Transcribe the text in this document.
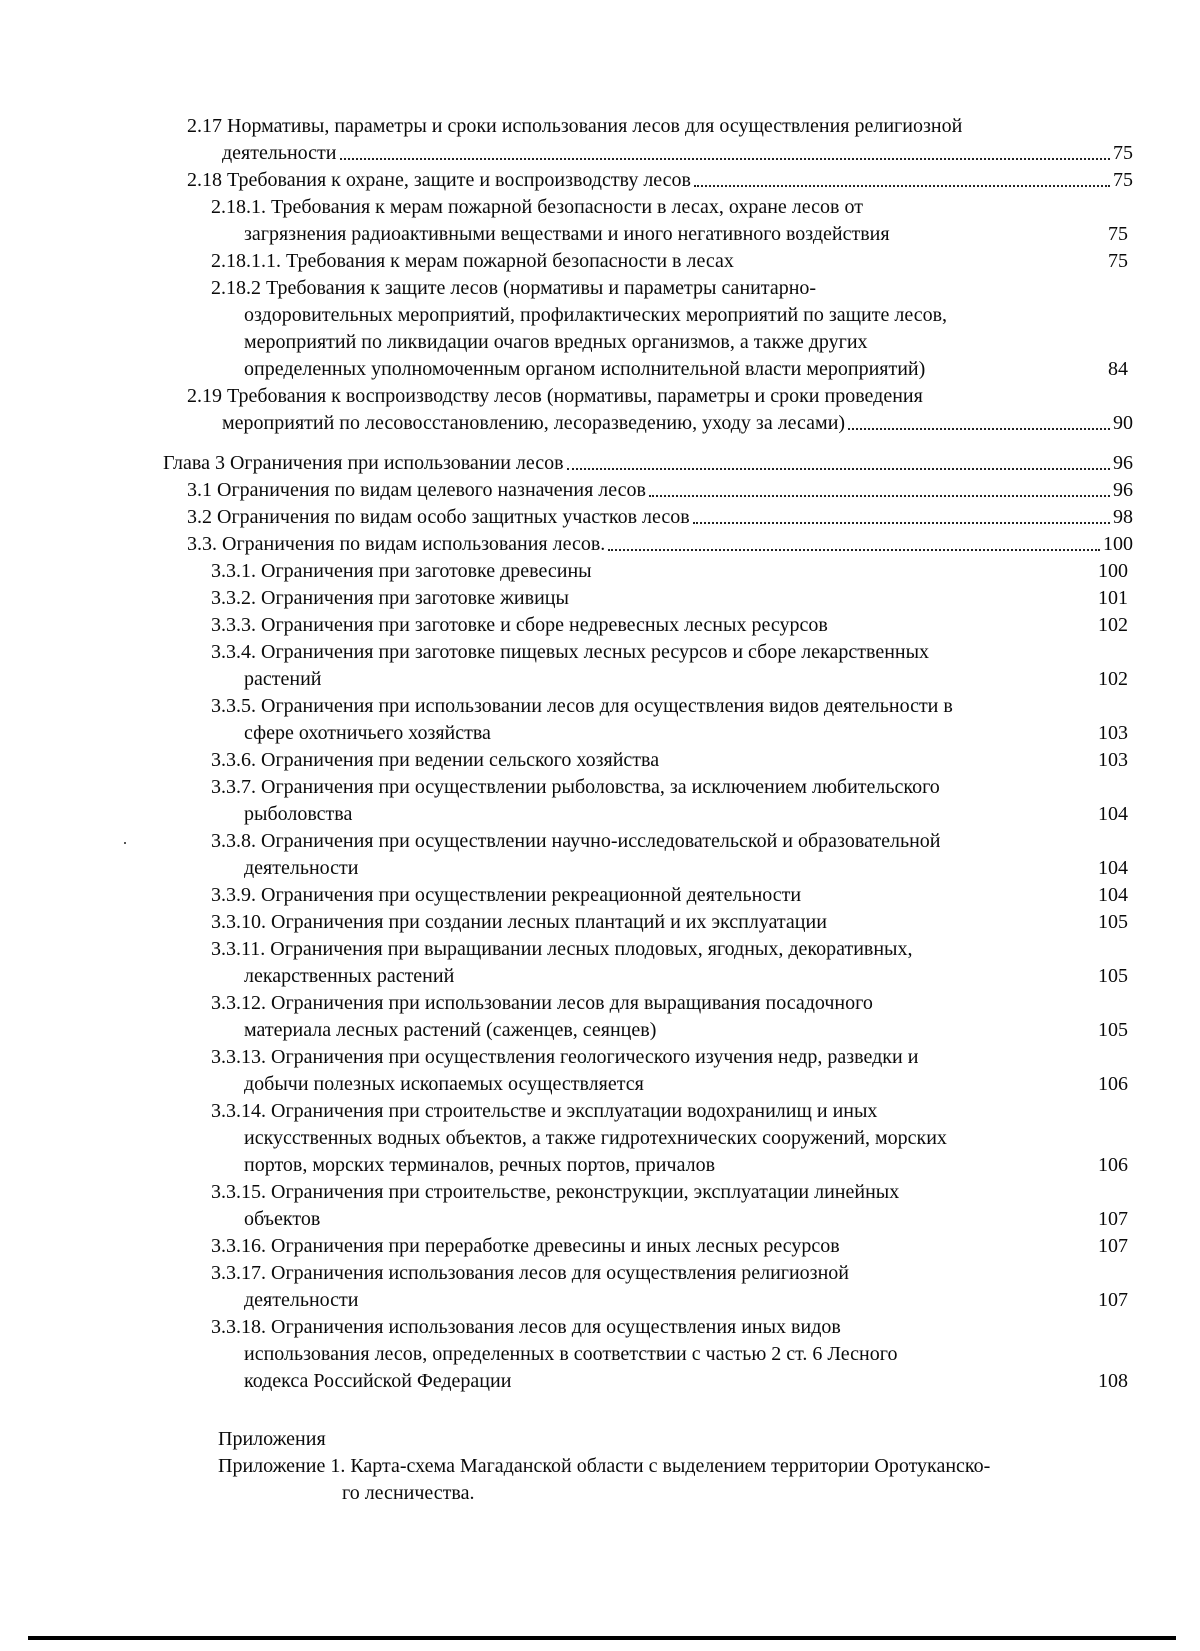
2.17 Нормативы, параметры и сроки использования лесов для осуществления религиозной
деятельности	75
2.18 Требования к охране, защите и воспроизводству лесов	75
2.18.1. Требования к мерам пожарной безопасности в лесах, охране лесов от
загрязнения радиоактивными веществами и иного негативного воздействия	75
2.18.1.1. Требования к мерам пожарной безопасности в лесах	75
2.18.2 Требования к защите лесов (нормативы и параметры санитарно-
оздоровительных мероприятий, профилактических мероприятий по защите лесов,
мероприятий по ликвидации очагов вредных организмов, а также других
определенных уполномоченным органом исполнительной власти мероприятий)	84
2.19 Требования к воспроизводству лесов (нормативы, параметры и сроки проведения
мероприятий по лесовосстановлению, лесоразведению, уходу за лесами)	90
Глава 3 Ограничения при использовании лесов	96
3.1 Ограничения по видам целевого назначения лесов	96
3.2 Ограничения по видам особо защитных участков лесов	98
3.3. Ограничения по видам использования лесов.	100
3.3.1. Ограничения при заготовке древесины	100
3.3.2. Ограничения при заготовке живицы	101
3.3.3. Ограничения при заготовке и сборе недревесных лесных ресурсов	102
3.3.4. Ограничения при заготовке пищевых лесных ресурсов и сборе лекарственных
растений	102
3.3.5. Ограничения при использовании лесов для осуществления видов деятельности в
сфере охотничьего хозяйства	103
3.3.6. Ограничения при ведении сельского хозяйства	103
3.3.7. Ограничения при осуществлении рыболовства, за исключением любительского
рыболовства	104
3.3.8. Ограничения при осуществлении научно-исследовательской и образовательной
деятельности	104
3.3.9. Ограничения при осуществлении рекреационной деятельности	104
3.3.10. Ограничения при создании лесных плантаций и их эксплуатации	105
3.3.11. Ограничения при выращивании лесных плодовых, ягодных, декоративных,
лекарственных растений	105
3.3.12. Ограничения при использовании лесов для выращивания посадочного
материала лесных растений (саженцев, сеянцев)	105
3.3.13. Ограничения при осуществления геологического изучения недр, разведки и
добычи полезных ископаемых осуществляется	106
3.3.14. Ограничения при строительстве и эксплуатации водохранилищ и иных
искусственных водных объектов, а также гидротехнических сооружений, морских
портов, морских терминалов, речных портов, причалов	106
3.3.15. Ограничения при строительстве, реконструкции, эксплуатации линейных
объектов	107
3.3.16. Ограничения при переработке древесины и иных лесных ресурсов	107
3.3.17. Ограничения использования лесов для осуществления религиозной
деятельности	107
3.3.18. Ограничения использования лесов для осуществления иных видов
использования лесов, определенных в соответствии с частью 2 ст. 6 Лесного
кодекса Российской Федерации	108
Приложения
Приложение 1. Карта-схема Магаданской области с выделением территории Оротуканско-
го лесничества.
